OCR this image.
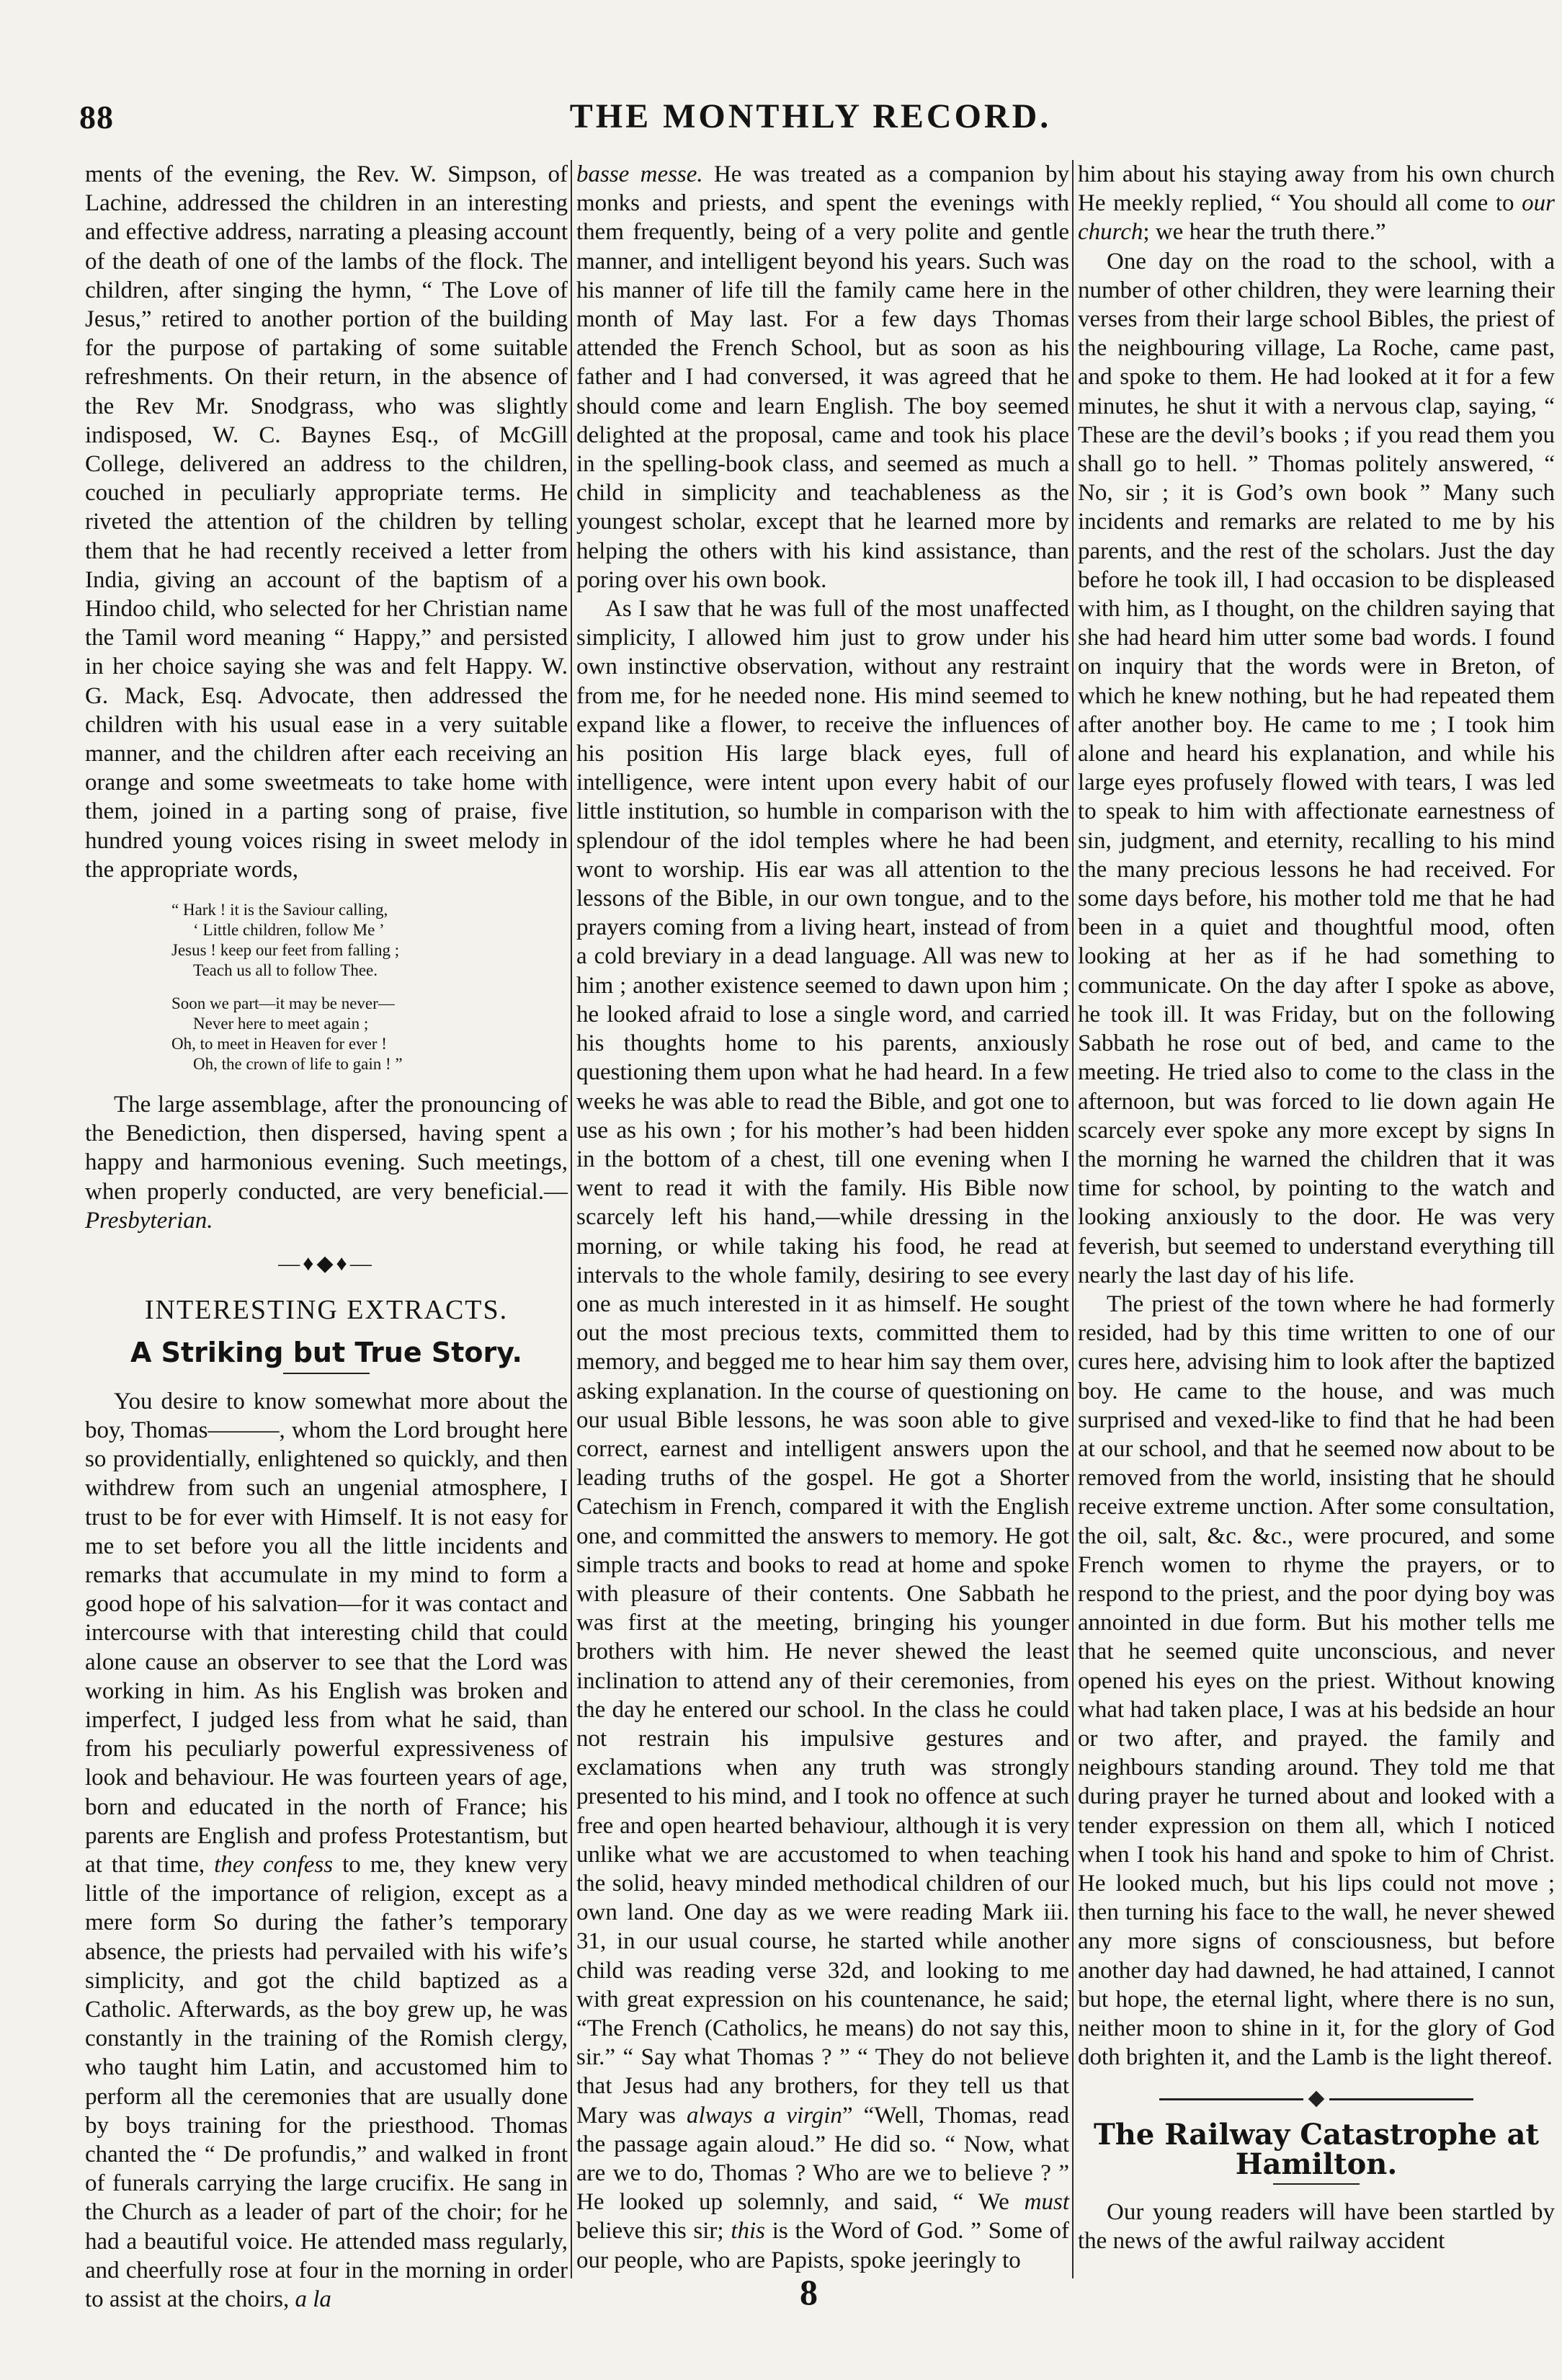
88	THE MONTHLY RECORD.

ments of the evening, the Rev. W. Simpson, of Lachine, addressed the children in an interesting and effective address, narrating a pleasing account of the death of one of the lambs of the flock. The children, after singing the hymn, “ The Love of Jesus,” retired to another portion of the building for the purpose of partaking of some suitable refreshments. On their return, in the absence of the Rev Mr. Snodgrass, who was slightly indisposed, W. C. Baynes Esq., of McGill College, delivered an address to the children, couched in peculiarly appropriate terms. He riveted the attention of the children by telling them that he had recently received a letter from India, giving an account of the baptism of a Hindoo child, who selected for her Christian name the Tamil word meaning “ Happy,” and persisted in her choice saying she was and felt Happy. W. G. Mack, Esq. Advocate, then addressed the children with his usual ease in a very suitable manner, and the children after each receiving an orange and some sweetmeats to take home with them, joined in a parting song of praise, five hundred young voices rising in sweet melody in the appropriate words,

“ Hark ! it is the Saviour calling,
‘ Little children, follow Me ’
Jesus ! keep our feet from falling ;
Teach us all to follow Thee.
Soon we part—it may be never—
Never here to meet again ;
Oh, to meet in Heaven for ever !
Oh, the crown of life to gain ! ”

The large assemblage, after the pronouncing of the Benediction, then dispersed, having spent a happy and harmonious evening. Such meetings, when properly conducted, are very beneficial.—Presbyterian.

—♦◆♦—
INTERESTING EXTRACTS.
A Striking but True Story.

You desire to know somewhat more about the boy, Thomas———, whom the Lord brought here so providentially, enlightened so quickly, and then withdrew from such an ungenial atmosphere, I trust to be for ever with Himself. It is not easy for me to set before you all the little incidents and remarks that accumulate in my mind to form a good hope of his salvation—for it was contact and intercourse with that interesting child that could alone cause an observer to see that the Lord was working in him. As his English was broken and imperfect, I judged less from what he said, than from his peculiarly powerful expressiveness of look and behaviour. He was fourteen years of age, born and educated in the north of France; his parents are English and profess Protestantism, but at that time, they confess to me, they knew very little of the importance of religion, except as a mere form So during the father’s temporary absence, the priests had pervailed with his wife’s simplicity, and got the child baptized as a Catholic. Afterwards, as the boy grew up, he was constantly in the training of the Romish clergy, who taught him Latin, and accustomed him to perform all the ceremonies that are usually done by boys training for the priesthood. Thomas chanted the “ De profundis,” and walked in front of funerals carrying the large crucifix. He sang in the Church as a leader of part of the choir; for he had a beautiful voice. He attended mass regularly, and cheerfully rose at four in the morning in order to assist at the choirs, a la

basse messe. He was treated as a companion by monks and priests, and spent the evenings with them frequently, being of a very polite and gentle manner, and intelligent beyond his years. Such was his manner of life till the family came here in the month of May last. For a few days Thomas attended the French School, but as soon as his father and I had conversed, it was agreed that he should come and learn English. The boy seemed delighted at the proposal, came and took his place in the spelling-book class, and seemed as much a child in simplicity and teachableness as the youngest scholar, except that he learned more by helping the others with his kind assistance, than poring over his own book.

As I saw that he was full of the most unaffected simplicity, I allowed him just to grow under his own instinctive observation, without any restraint from me, for he needed none. His mind seemed to expand like a flower, to receive the influences of his position His large black eyes, full of intelligence, were intent upon every habit of our little institution, so humble in comparison with the splendour of the idol temples where he had been wont to worship. His ear was all attention to the lessons of the Bible, in our own tongue, and to the prayers coming from a living heart, instead of from a cold breviary in a dead language. All was new to him ; another existence seemed to dawn upon him ; he looked afraid to lose a single word, and carried his thoughts home to his parents, anxiously questioning them upon what he had heard. In a few weeks he was able to read the Bible, and got one to use as his own ; for his mother’s had been hidden in the bottom of a chest, till one evening when I went to read it with the family. His Bible now scarcely left his hand,—while dressing in the morning, or while taking his food, he read at intervals to the whole family, desiring to see every one as much interested in it as himself. He sought out the most precious texts, committed them to memory, and begged me to hear him say them over, asking explanation. In the course of questioning on our usual Bible lessons, he was soon able to give correct, earnest and intelligent answers upon the leading truths of the gospel. He got a Shorter Catechism in French, compared it with the English one, and committed the answers to memory. He got simple tracts and books to read at home and spoke with pleasure of their contents. One Sabbath he was first at the meeting, bringing his younger brothers with him. He never shewed the least inclination to attend any of their ceremonies, from the day he entered our school. In the class he could not restrain his impulsive gestures and exclamations when any truth was strongly presented to his mind, and I took no offence at such free and open hearted behaviour, although it is very unlike what we are accustomed to when teaching the solid, heavy minded methodical children of our own land. One day as we were reading Mark iii. 31, in our usual course, he started while another child was reading verse 32d, and looking to me with great expression on his countenance, he said; “The French (Catholics, he means) do not say this, sir.” “ Say what Thomas ? ” “ They do not believe that Jesus had any brothers, for they tell us that Mary was always a virgin” “Well, Thomas, read the passage again aloud.” He did so. “ Now, what are we to do, Thomas ? Who are we to believe ? ” He looked up solemnly, and said, “ We must believe this sir; this is the Word of God. ” Some of our people, who are Papists, spoke jeeringly to

him about his staying away from his own church He meekly replied, “ You should all come to our church; we hear the truth there.”

One day on the road to the school, with a number of other children, they were learning their verses from their large school Bibles, the priest of the neighbouring village, La Roche, came past, and spoke to them. He had looked at it for a few minutes, he shut it with a nervous clap, saying, “ These are the devil’s books ; if you read them you shall go to hell. ” Thomas politely answered, “ No, sir ; it is God’s own book ” Many such incidents and remarks are related to me by his parents, and the rest of the scholars. Just the day before he took ill, I had occasion to be displeased with him, as I thought, on the children saying that she had heard him utter some bad words. I found on inquiry that the words were in Breton, of which he knew nothing, but he had repeated them after another boy. He came to me ; I took him alone and heard his explanation, and while his large eyes profusely flowed with tears, I was led to speak to him with affectionate earnestness of sin, judgment, and eternity, recalling to his mind the many precious lessons he had received. For some days before, his mother told me that he had been in a quiet and thoughtful mood, often looking at her as if he had something to communicate. On the day after I spoke as above, he took ill. It was Friday, but on the following Sabbath he rose out of bed, and came to the meeting. He tried also to come to the class in the afternoon, but was forced to lie down again He scarcely ever spoke any more except by signs In the morning he warned the children that it was time for school, by pointing to the watch and looking anxiously to the door. He was very feverish, but seemed to understand everything till nearly the last day of his life.

The priest of the town where he had formerly resided, had by this time written to one of our cures here, advising him to look after the baptized boy. He came to the house, and was much surprised and vexed-like to find that he had been at our school, and that he seemed now about to be removed from the world, insisting that he should receive extreme unction. After some consultation, the oil, salt, &c. &c., were procured, and some French women to rhyme the prayers, or to respond to the priest, and the poor dying boy was annointed in due form. But his mother tells me that he seemed quite unconscious, and never opened his eyes on the priest. Without knowing what had taken place, I was at his bedside an hour or two after, and prayed. the family and neighbours standing around. They told me that during prayer he turned about and looked with a tender expression on them all, which I noticed when I took his hand and spoke to him of Christ. He looked much, but his lips could not move ; then turning his face to the wall, he never shewed any more signs of consciousness, but before another day had dawned, he had attained, I cannot but hope, the eternal light, where there is no sun, neither moon to shine in it, for the glory of God doth brighten it, and the Lamb is the light thereof.

The Railway Catastrophe at Hamilton.

Our young readers will have been startled by the news of the awful railway accident

8
